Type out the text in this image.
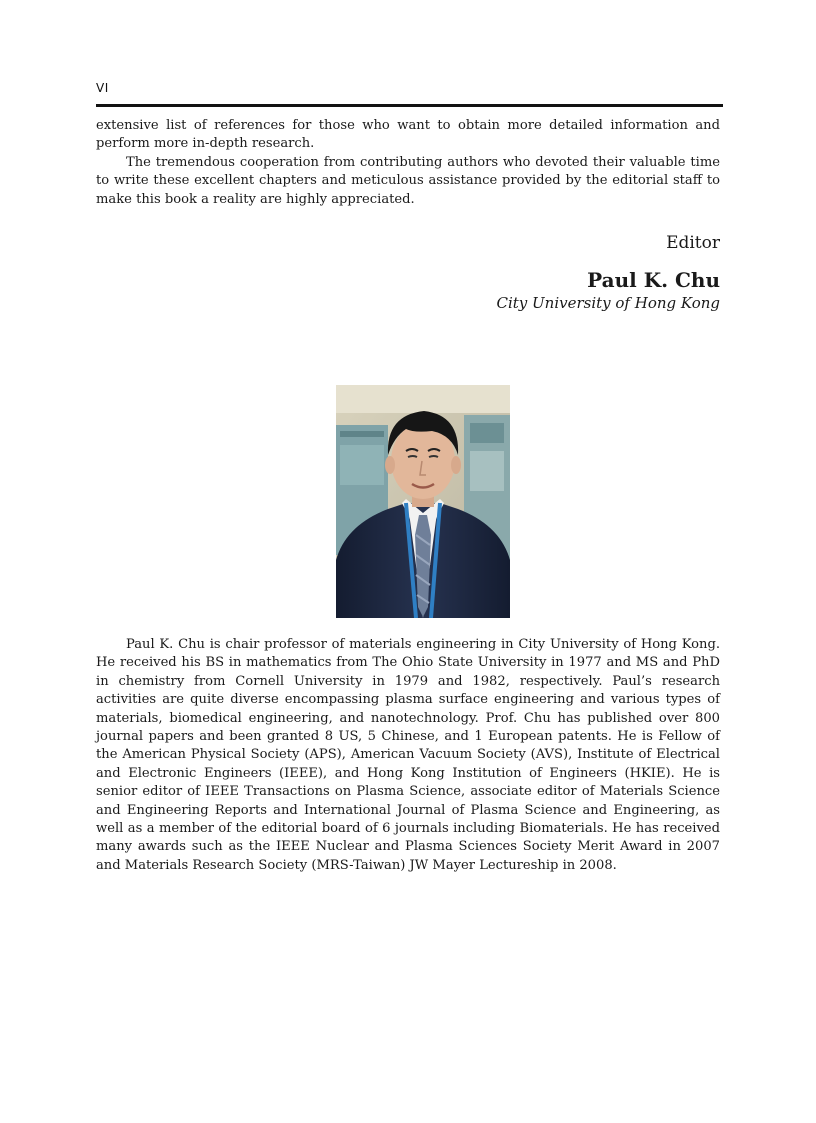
VI

extensive list of references for those who want to obtain more detailed information and perform more in-depth research.

The tremendous cooperation from contributing authors who devoted their valuable time to write these excellent chapters and meticulous assistance provided by the editorial staff to make this book a reality are highly appreciated.

Editor

Paul K. Chu

City University of Hong Kong

Paul K. Chu is chair professor of materials engineering in City University of Hong Kong. He received his BS in mathematics from The Ohio State University in 1977 and MS and PhD in chemistry from Cornell University in 1979 and 1982, respectively. Paul’s research activities are quite diverse encompassing plasma surface engineering and various types of materials, biomedical engineering, and nanotechnology. Prof. Chu has published over 800 journal papers and been granted 8 US, 5 Chinese, and 1 European patents. He is Fellow of the American Physical Society (APS), American Vacuum Society (AVS), Institute of Electrical and Electronic Engineers (IEEE), and Hong Kong Institution of Engineers (HKIE). He is senior editor of IEEE Transactions on Plasma Science, associate editor of Materials Science and Engineering Reports and International Journal of Plasma Science and Engineering, as well as a member of the editorial board of 6 journals including Biomaterials. He has received many awards such as the IEEE Nuclear and Plasma Sciences Society Merit Award in 2007 and Materials Research Society (MRS-Taiwan) JW Mayer Lectureship in 2008.
